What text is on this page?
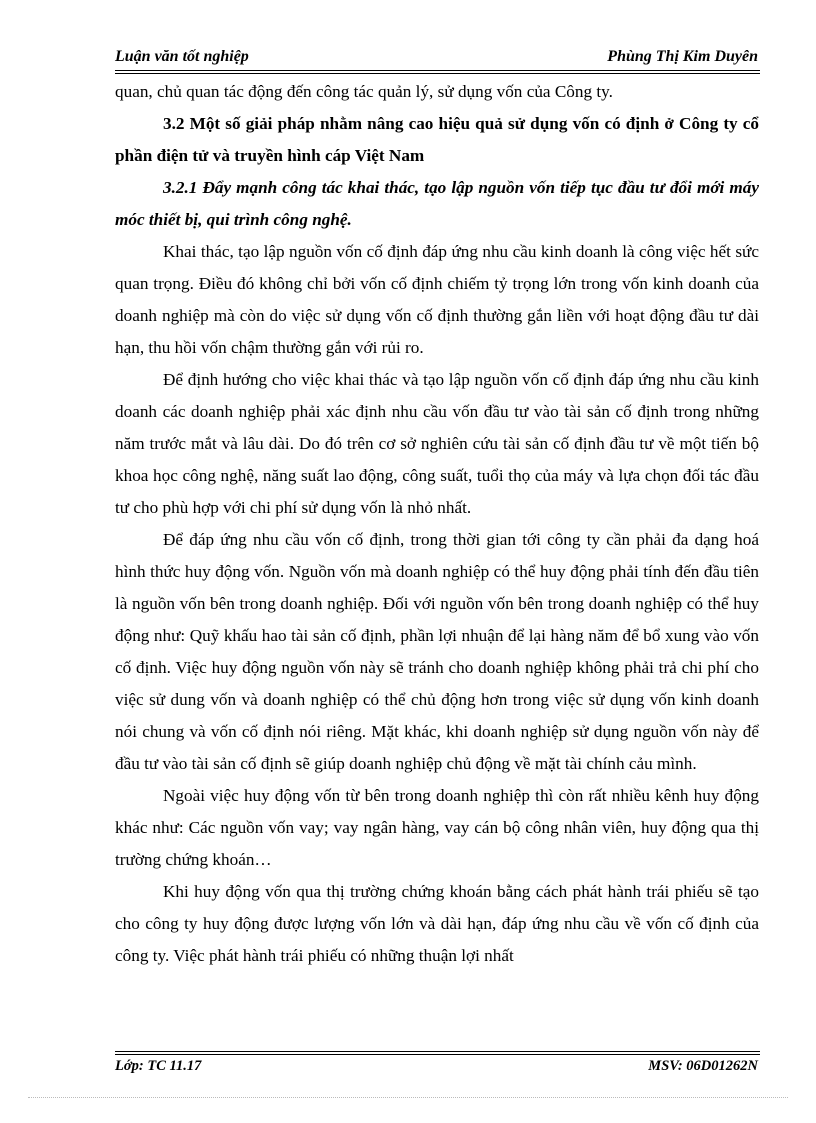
Luận văn tốt nghiệp	Phùng Thị Kim Duyên

quan, chủ quan tác động đến công tác quản lý, sử dụng vốn của Công ty.

3.2 Một số giải pháp nhằm nâng cao hiệu quả sử dụng vốn có định ở Công ty cổ phần điện tử và truyền hình cáp Việt Nam

3.2.1 Đẩy mạnh công tác khai thác, tạo lập nguồn vốn tiếp tục đầu tư đổi mới máy móc thiết bị, qui trình công nghệ.

Khai thác, tạo lập nguồn vốn cố định đáp ứng nhu cầu kinh doanh là công việc hết sức quan trọng. Điều đó không chỉ bởi vốn cố định chiếm tỷ trọng lớn trong vốn kinh doanh của doanh nghiệp mà còn do việc sử dụng vốn cố định thường gắn liền với hoạt động đầu tư dài hạn, thu hồi vốn chậm thường gắn với rủi ro.

Để định hướng cho việc khai thác và tạo lập nguồn vốn cố định đáp ứng nhu cầu kinh doanh các doanh nghiệp phải xác định nhu cầu vốn đầu tư vào tài sản cố định trong những năm trước mắt và lâu dài. Do đó trên cơ sở nghiên cứu tài sản cố định đầu tư về một tiến bộ khoa học công nghệ, năng suất lao động, công suất, tuổi thọ của máy và lựa chọn đối tác đầu tư cho phù hợp với chi phí sử dụng vốn là nhỏ nhất.

Để đáp ứng nhu cầu vốn cố định, trong thời gian tới công ty cần phải đa dạng hoá hình thức huy động vốn. Nguồn vốn mà doanh nghiệp có thể huy động phải tính đến đầu tiên là nguồn vốn bên trong doanh nghiệp. Đối với nguồn vốn bên trong doanh nghiệp có thể huy động như: Quỹ khấu hao tài sản cố định, phần lợi nhuận để lại hàng năm để bổ xung vào vốn cố định. Việc huy động nguồn vốn này sẽ tránh cho doanh nghiệp không phải trả chi phí cho việc sử dung vốn và doanh nghiệp có thể chủ động hơn trong việc sử dụng vốn kinh doanh nói chung và vốn cố định nói riêng. Mặt khác, khi doanh nghiệp sử dụng nguồn vốn này để đầu tư vào tài sản cố định sẽ giúp doanh nghiệp chủ động về mặt tài chính cảu mình.

Ngoài việc huy động vốn từ bên trong doanh nghiệp thì còn rất nhiều kênh huy động khác như: Các nguồn vốn vay; vay ngân hàng, vay cán bộ công nhân viên, huy động qua thị trường chứng khoán…

Khi huy động vốn qua thị trường chứng khoán bằng cách phát hành trái phiếu sẽ tạo cho công ty huy động được lượng vốn lớn và dài hạn, đáp ứng nhu cầu về vốn cố định của công ty. Việc phát hành trái phiếu có những thuận lợi nhất

Lớp: TC 11.17	MSV: 06D01262N
